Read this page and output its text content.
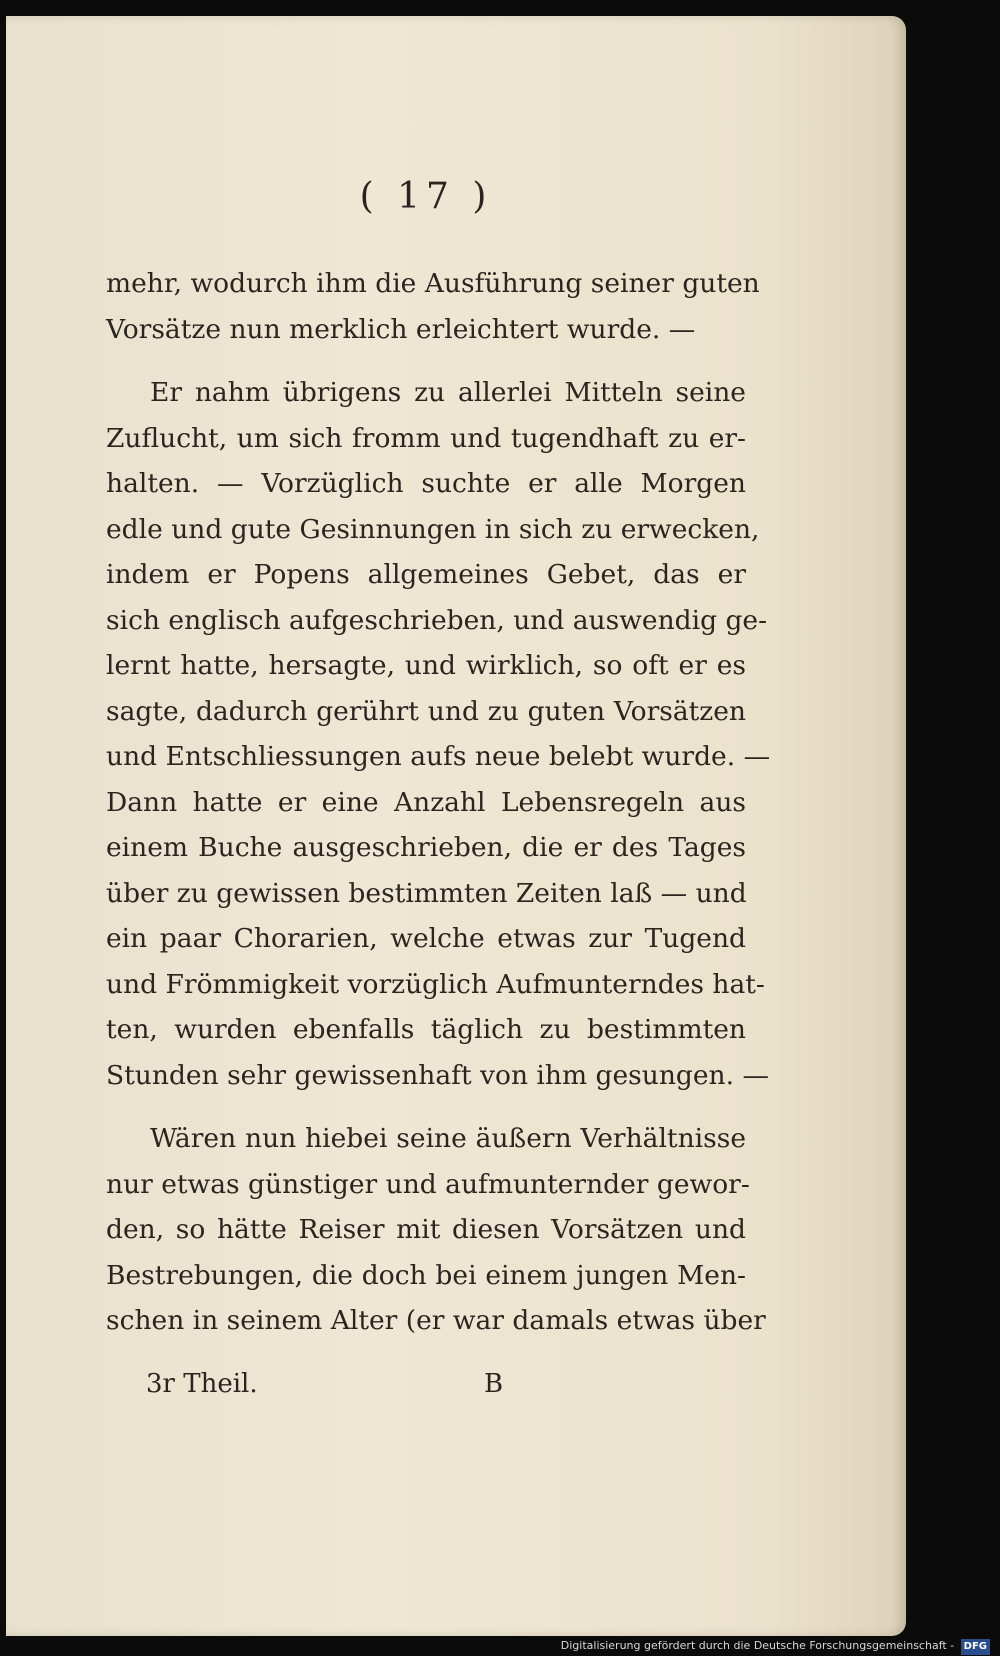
( 17 )
mehr, wodurch ihm die Ausführung seiner guten
Vorsätze nun merklich erleichtert wurde. —
Er nahm übrigens zu allerlei Mitteln seine
Zuflucht, um sich fromm und tugendhaft zu er-
halten. — Vorzüglich suchte er alle Morgen
edle und gute Gesinnungen in sich zu erwecken,
indem er Popens allgemeines Gebet, das er
sich englisch aufgeschrieben, und auswendig ge-
lernt hatte, hersagte, und wirklich, so oft er es
sagte, dadurch gerührt und zu guten Vorsätzen
und Entschliessungen aufs neue belebt wurde. —
Dann hatte er eine Anzahl Lebensregeln aus
einem Buche ausgeschrieben, die er des Tages
über zu gewissen bestimmten Zeiten laß — und
ein paar Chorarien, welche etwas zur Tugend
und Frömmigkeit vorzüglich Aufmunterndes hat-
ten, wurden ebenfalls täglich zu bestimmten
Stunden sehr gewissenhaft von ihm gesungen. —
Wären nun hiebei seine äußern Verhältnisse
nur etwas günstiger und aufmunternder gewor-
den, so hätte Reiser mit diesen Vorsätzen und
Bestrebungen, die doch bei einem jungen Men-
schen in seinem Alter (er war damals etwas über
3r Theil.	B
Digitalisierung gefördert durch die Deutsche Forschungsgemeinschaft - DFG
